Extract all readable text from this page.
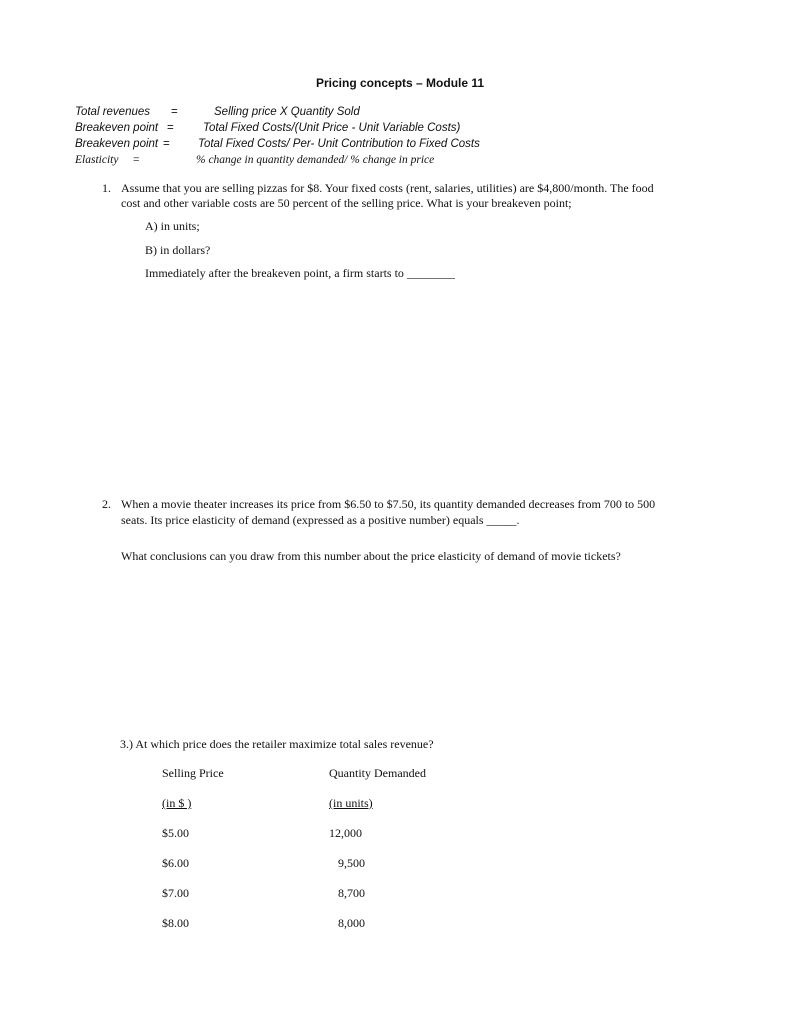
Pricing concepts – Module 11
Total revenues =	Selling price X Quantity Sold
Breakeven point =	Total Fixed Costs/(Unit Price - Unit Variable Costs)
Breakeven point = Total Fixed Costs/ Per- Unit Contribution to Fixed Costs
Elasticity =	% change in quantity demanded/ % change in price
1. Assume that you are selling pizzas for $8. Your fixed costs (rent, salaries, utilities) are $4,800/month. The food
cost and other variable costs are 50 percent of the selling price. What is your breakeven point;
A) in units;
B) in dollars?
Immediately after the breakeven point, a firm starts to ________
2. When a movie theater increases its price from $6.50 to $7.50, its quantity demanded decreases from 700 to 500
seats. Its price elasticity of demand (expressed as a positive number) equals _____.
What conclusions can you draw from this number about the price elasticity of demand of movie tickets?
3.) At which price does the retailer maximize total sales revenue?
Selling Price	Quantity Demanded
(in $ )	(in units)
$5.00	12,000
$6.00	9,500
$7.00	8,700
$8.00	8,000
